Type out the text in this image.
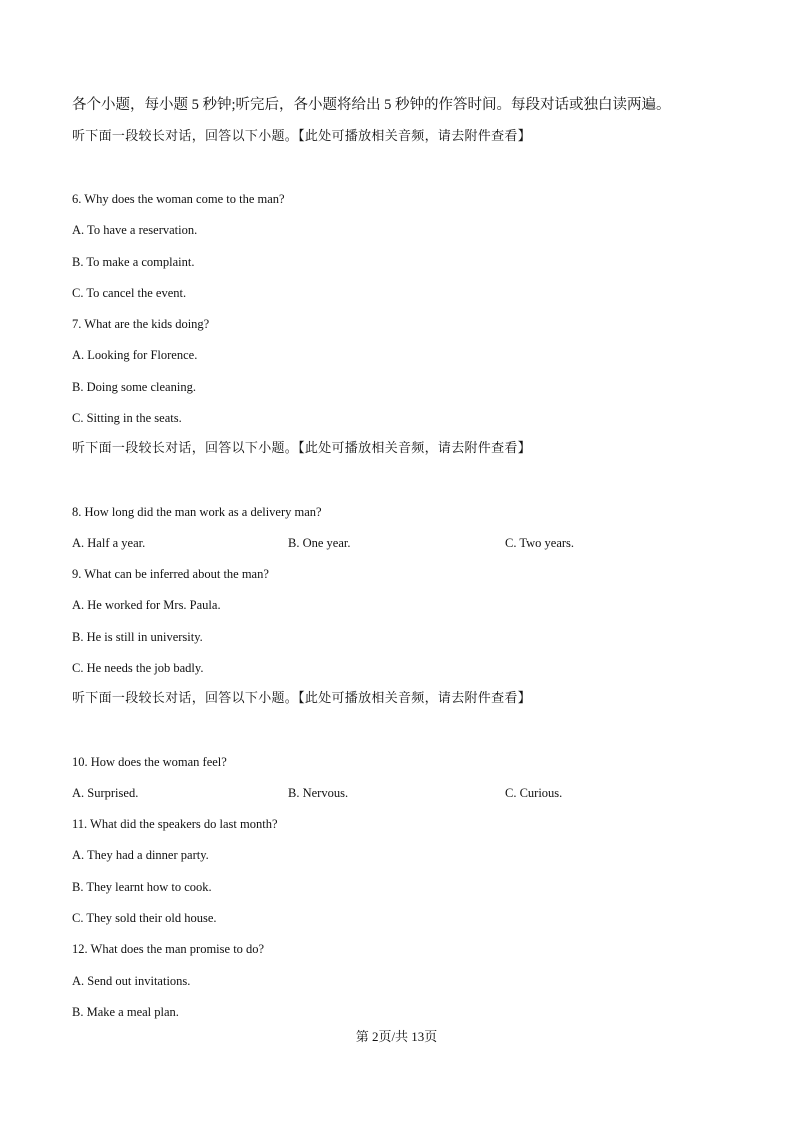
各个小题，每小题 5 秒钟;听完后，各小题将给出 5 秒钟的作答时间。每段对话或独白读两遍。
听下面一段较长对话，回答以下小题。【此处可播放相关音频，请去附件查看】
6. Why does the woman come to the man?
A. To have a reservation.
B. To make a complaint.
C. To cancel the event.
7. What are the kids doing?
A. Looking for Florence.
B. Doing some cleaning.
C. Sitting in the seats.
听下面一段较长对话，回答以下小题。【此处可播放相关音频，请去附件查看】
8. How long did the man work as a delivery man?
A. Half a year.	B. One year.	C. Two years.
9. What can be inferred about the man?
A. He worked for Mrs. Paula.
B. He is still in university.
C. He needs the job badly.
听下面一段较长对话，回答以下小题。【此处可播放相关音频，请去附件查看】
10. How does the woman feel?
A. Surprised.	B. Nervous.	C. Curious.
11. What did the speakers do last month?
A. They had a dinner party.
B. They learnt how to cook.
C. They sold their old house.
12. What does the man promise to do?
A. Send out invitations.
B. Make a meal plan.
第 2页/共 13页
